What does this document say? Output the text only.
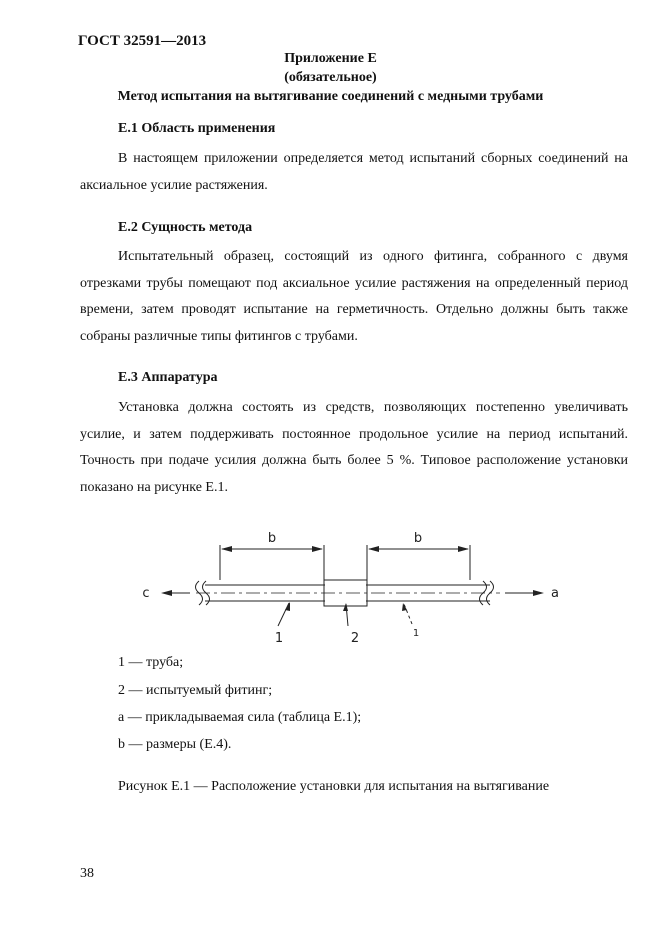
ГОСТ 32591—2013
Приложение Е
(обязательное)
Метод испытания на вытягивание соединений с медными трубами
Е.1 Область применения

В настоящем приложении определяется метод испытаний сборных соединений на аксиальное усилие растяжения.

Е.2 Сущность метода

Испытательный образец, состоящий из одного фитинга, собранного с двумя отрезками трубы помещают под аксиальное усилие растяжения на определенный период времени, затем проводят испытание на герметичность. Отдельно должны быть также собраны различные типы фитингов с трубами.

Е.3 Аппаратура

Установка должна состоять из средств, позволяющих постепенно увеличивать усилие, и затем поддерживать постоянное продольное усилие на период испытаний. Точность при подаче усилия должна быть более 5 %. Типовое расположение установки показано на рисунке Е.1.

b	b
c	a
1	2	1
1 — труба;
2 — испытуемый фитинг;
а — прикладываемая сила (таблица Е.1);
b — размеры (Е.4).
Рисунок Е.1 — Расположение установки для испытания на вытягивание
38
